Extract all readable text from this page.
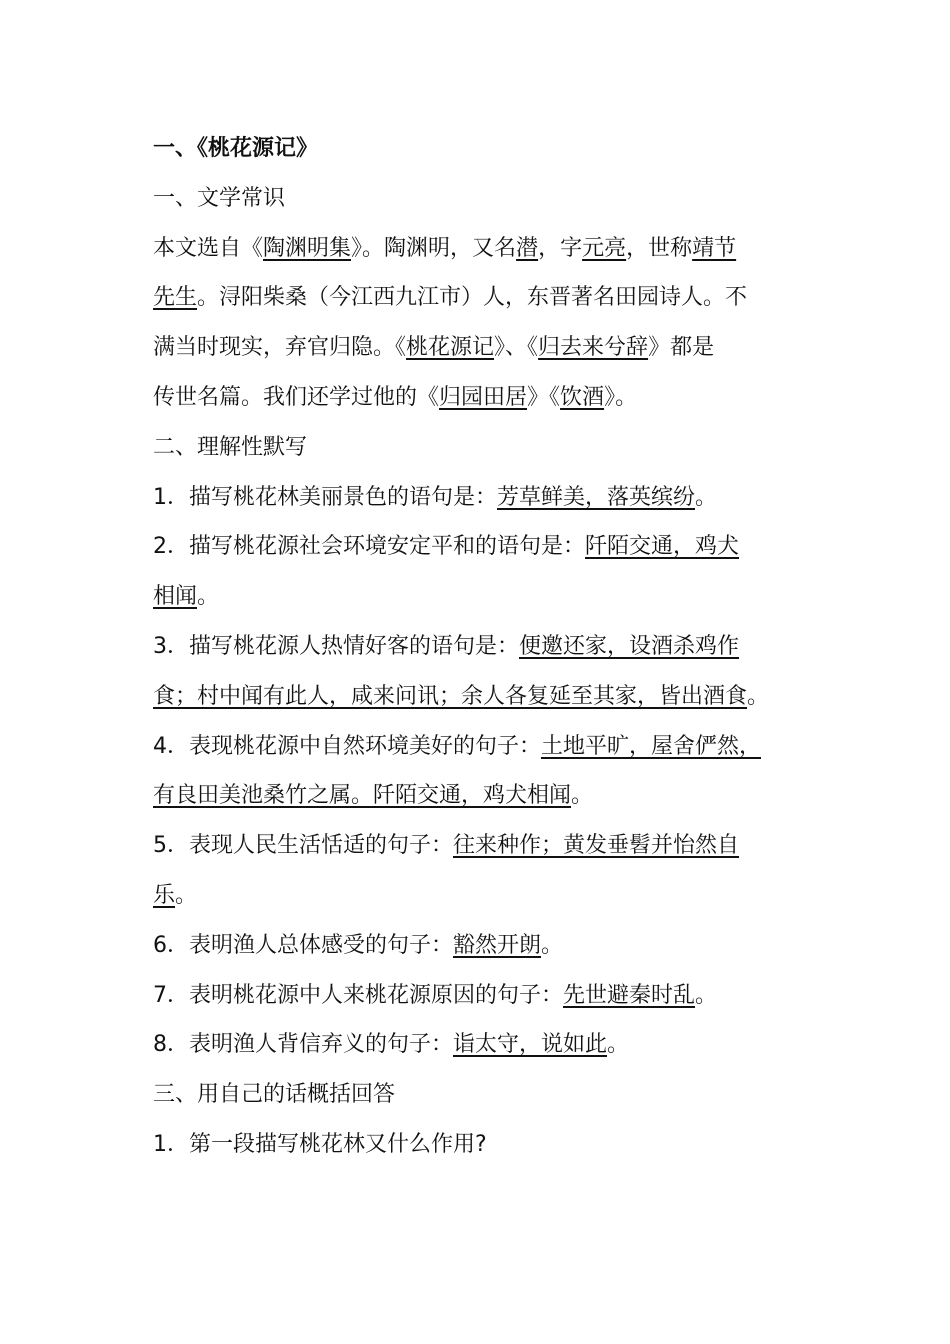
一、《桃花源记》
一、文学常识
本文选自《陶渊明集》。陶渊明，又名潜，字元亮，世称靖节
先生。浔阳柴桑（今江西九江市）人，东晋著名田园诗人。不
满当时现实，弃官归隐。《桃花源记》、《归去来兮辞》都是
传世名篇。我们还学过他的《归园田居》《饮酒》。
二、理解性默写
1．描写桃花林美丽景色的语句是：芳草鲜美，落英缤纷。
2．描写桃花源社会环境安定平和的语句是：阡陌交通，鸡犬
相闻。
3．描写桃花源人热情好客的语句是：便邀还家，设酒杀鸡作
食；村中闻有此人，咸来问讯；余人各复延至其家，皆出酒食。
4．表现桃花源中自然环境美好的句子：土地平旷，屋舍俨然，
有良田美池桑竹之属。阡陌交通，鸡犬相闻。
5．表现人民生活恬适的句子：往来种作；黄发垂髫并怡然自
乐。
6．表明渔人总体感受的句子：豁然开朗。
7．表明桃花源中人来桃花源原因的句子：先世避秦时乱。
8．表明渔人背信弃义的句子：诣太守，说如此。
三、用自己的话概括回答
1．第一段描写桃花林又什么作用?
